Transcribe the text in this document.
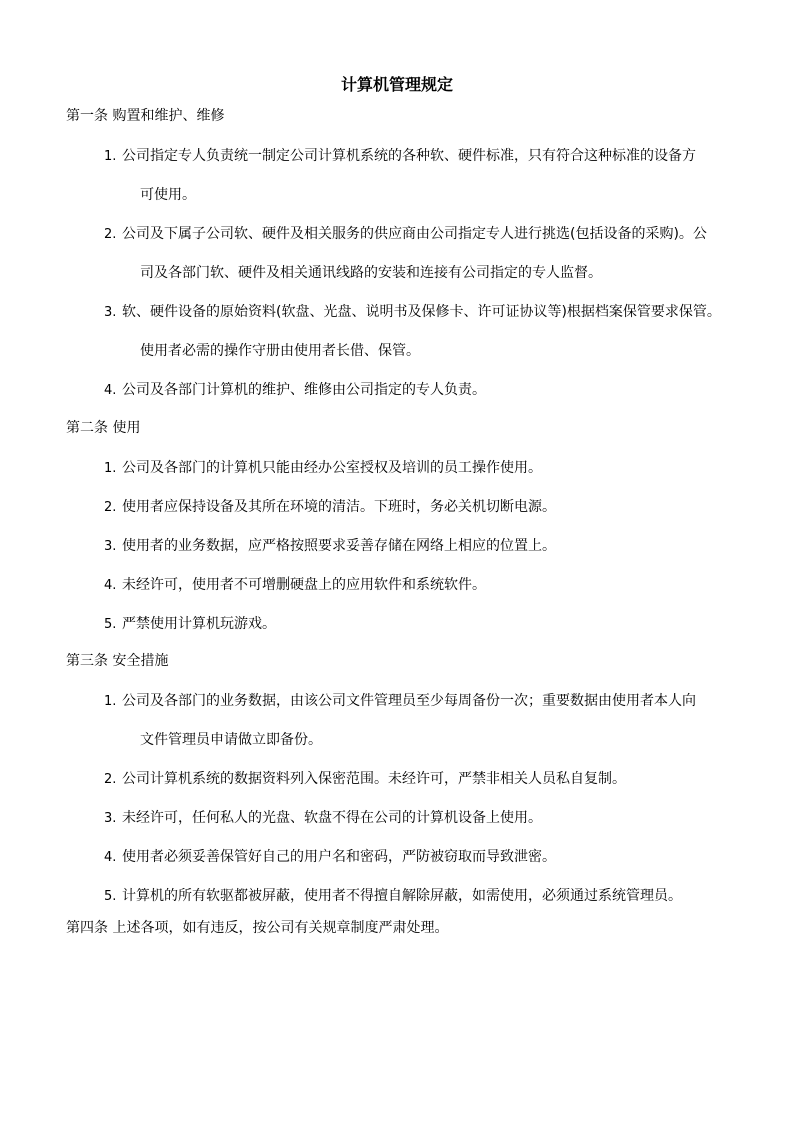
计算机管理规定
第一条 购置和维护、维修
1. 公司指定专人负责统一制定公司计算机系统的各种软、硬件标准，只有符合这种标准的设备方
可使用。
2. 公司及下属子公司软、硬件及相关服务的供应商由公司指定专人进行挑选(包括设备的采购)。公
司及各部门软、硬件及相关通讯线路的安装和连接有公司指定的专人监督。
3. 软、硬件设备的原始资料(软盘、光盘、说明书及保修卡、许可证协议等)根据档案保管要求保管。
使用者必需的操作守册由使用者长借、保管。
4. 公司及各部门计算机的维护、维修由公司指定的专人负责。
第二条 使用
1. 公司及各部门的计算机只能由经办公室授权及培训的员工操作使用。
2. 使用者应保持设备及其所在环境的清洁。下班时，务必关机切断电源。
3. 使用者的业务数据，应严格按照要求妥善存储在网络上相应的位置上。
4. 未经许可，使用者不可增删硬盘上的应用软件和系统软件。
5. 严禁使用计算机玩游戏。
第三条 安全措施
1. 公司及各部门的业务数据，由该公司文件管理员至少每周备份一次；重要数据由使用者本人向
文件管理员申请做立即备份。
2. 公司计算机系统的数据资料列入保密范围。未经许可，严禁非相关人员私自复制。
3. 未经许可，任何私人的光盘、软盘不得在公司的计算机设备上使用。
4. 使用者必须妥善保管好自己的用户名和密码，严防被窃取而导致泄密。
5. 计算机的所有软驱都被屏蔽，使用者不得擅自解除屏蔽，如需使用，必须通过系统管理员。
第四条 上述各项，如有违反，按公司有关规章制度严肃处理。
